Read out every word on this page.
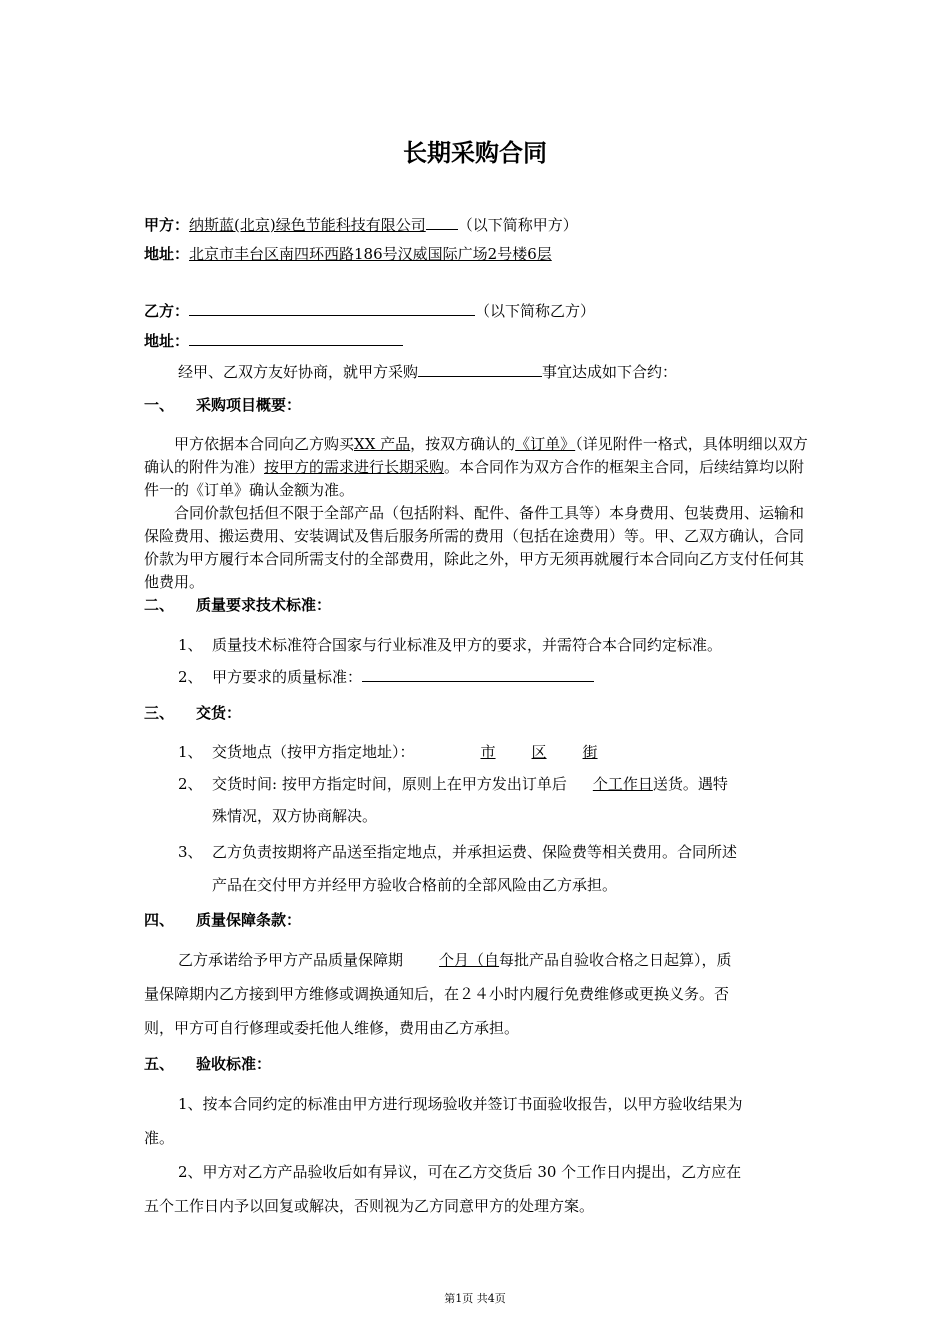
长期采购合同
甲方：纳斯蓝(北京)绿色节能科技有限公司 （以下简称甲方）
地址：北京市丰台区南四环西路186号汉威国际广场2号楼6层
乙方：	（以下简称乙方）
地址：
经甲、乙双方友好协商，就甲方采购	事宜达成如下合约：
一、 采购项目概要：
甲方依据本合同向乙方购买XX 产品，按双方确认的《订单》（详见附件一格式，具体明细以双方确认的附件为准）按甲方的需求进行长期采购。本合同作为双方合作的框架主合同，后续结算均以附件一的《订单》确认金额为准。
合同价款包括但不限于全部产品（包括附料、配件、备件工具等）本身费用、包装费用、运输和保险费用、搬运费用、安装调试及售后服务所需的费用（包括在途费用）等。甲、乙双方确认，合同价款为甲方履行本合同所需支付的全部费用，除此之外，甲方无须再就履行本合同向乙方支付任何其他费用。
二、 质量要求技术标准：
1、 质量技术标准符合国家与行业标准及甲方的要求，并需符合本合同约定标准。
2、 甲方要求的质量标准：
三、 交货：
1、 交货地点（按甲方指定地址）：	市 区 街
2、 交货时间: 按甲方指定时间，原则上在甲方发出订单后 个工作日送货。遇特
殊情况，双方协商解决。
3、 乙方负责按期将产品送至指定地点，并承担运费、保险费等相关费用。合同所述
产品在交付甲方并经甲方验收合格前的全部风险由乙方承担。
四、 质量保障条款：
乙方承诺给予甲方产品质量保障期 个月（自每批产品自验收合格之日起算），质
量保障期内乙方接到甲方维修或调换通知后，在２４小时内履行免费维修或更换义务。否
则，甲方可自行修理或委托他人维修，费用由乙方承担。
五、 验收标准：
1、按本合同约定的标准由甲方进行现场验收并签订书面验收报告，以甲方验收结果为
准。
2、甲方对乙方产品验收后如有异议，可在乙方交货后 30 个工作日内提出，乙方应在
五个工作日内予以回复或解决，否则视为乙方同意甲方的处理方案。
第1页 共4页
